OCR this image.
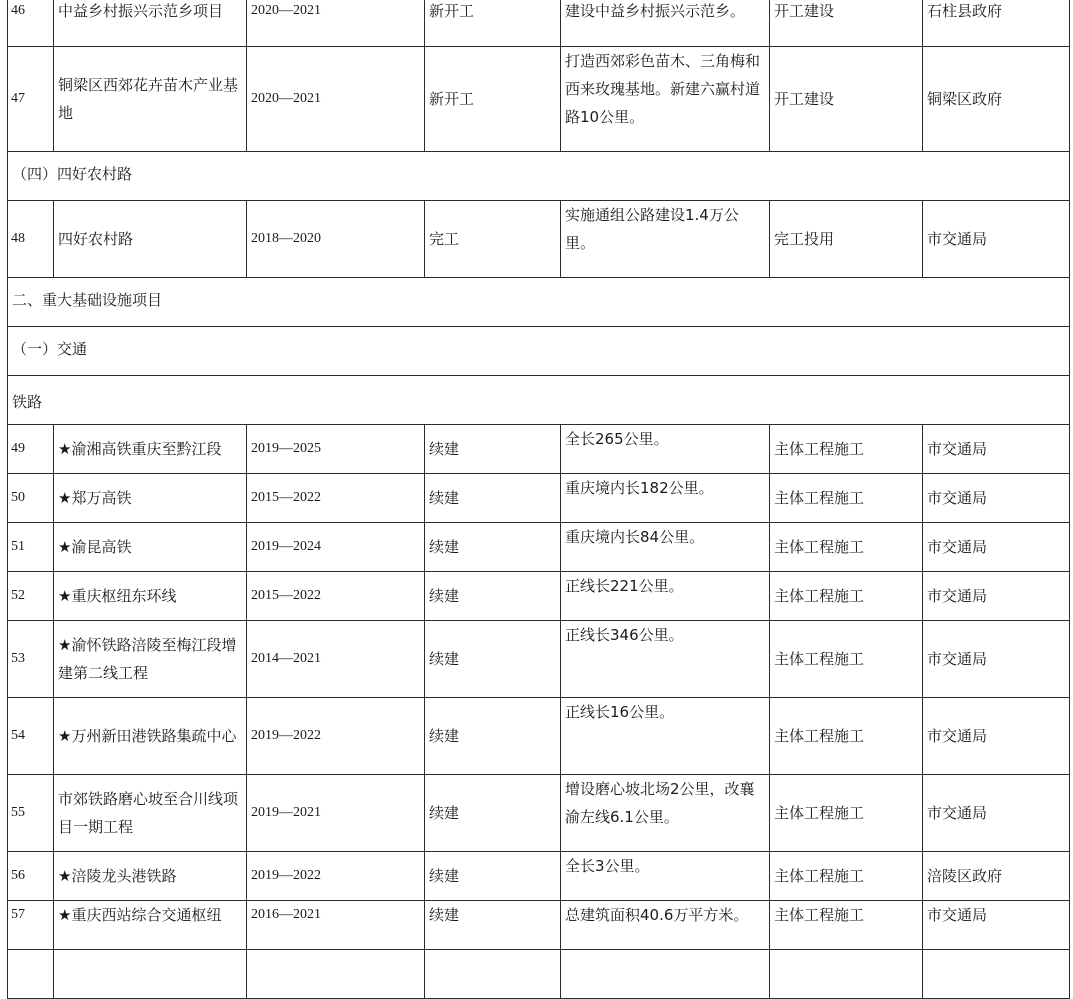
46	中益乡村振兴示范乡项目	2020—2021	新开工	建设中益乡村振兴示范乡。	开工建设	石柱县政府
47	铜梁区西郊花卉苗木产业基地	2020—2021	新开工	打造西郊彩色苗木、三角梅和西来玫瑰基地。新建六赢村道路10公里。	开工建设	铜梁区政府
（四）四好农村路						
48	四好农村路	2018—2020	完工	实施通组公路建设1.4万公里。	完工投用	市交通局
二、重大基础设施项目						
（一）交通						
铁路						
49	★渝湘高铁重庆至黔江段	2019—2025	续建	全长265公里。	主体工程施工	市交通局
50	★郑万高铁	2015—2022	续建	重庆境内长182公里。	主体工程施工	市交通局
51	★渝昆高铁	2019—2024	续建	重庆境内长84公里。	主体工程施工	市交通局
52	★重庆枢纽东环线	2015—2022	续建	正线长221公里。	主体工程施工	市交通局
53	★渝怀铁路涪陵至梅江段增建第二线工程	2014—2021	续建	正线长346公里。	主体工程施工	市交通局
54	★万州新田港铁路集疏中心	2019—2022	续建	正线长16公里。	主体工程施工	市交通局
55	市郊铁路磨心坡至合川线项目一期工程	2019—2021	续建	增设磨心坡北场2公里，改襄渝左线6.1公里。	主体工程施工	市交通局
56	★涪陵龙头港铁路	2019—2022	续建	全长3公里。	主体工程施工	涪陵区政府
57	★重庆西站综合交通枢纽	2016—2021	续建	总建筑面积40.6万平方米。	主体工程施工	市交通局
